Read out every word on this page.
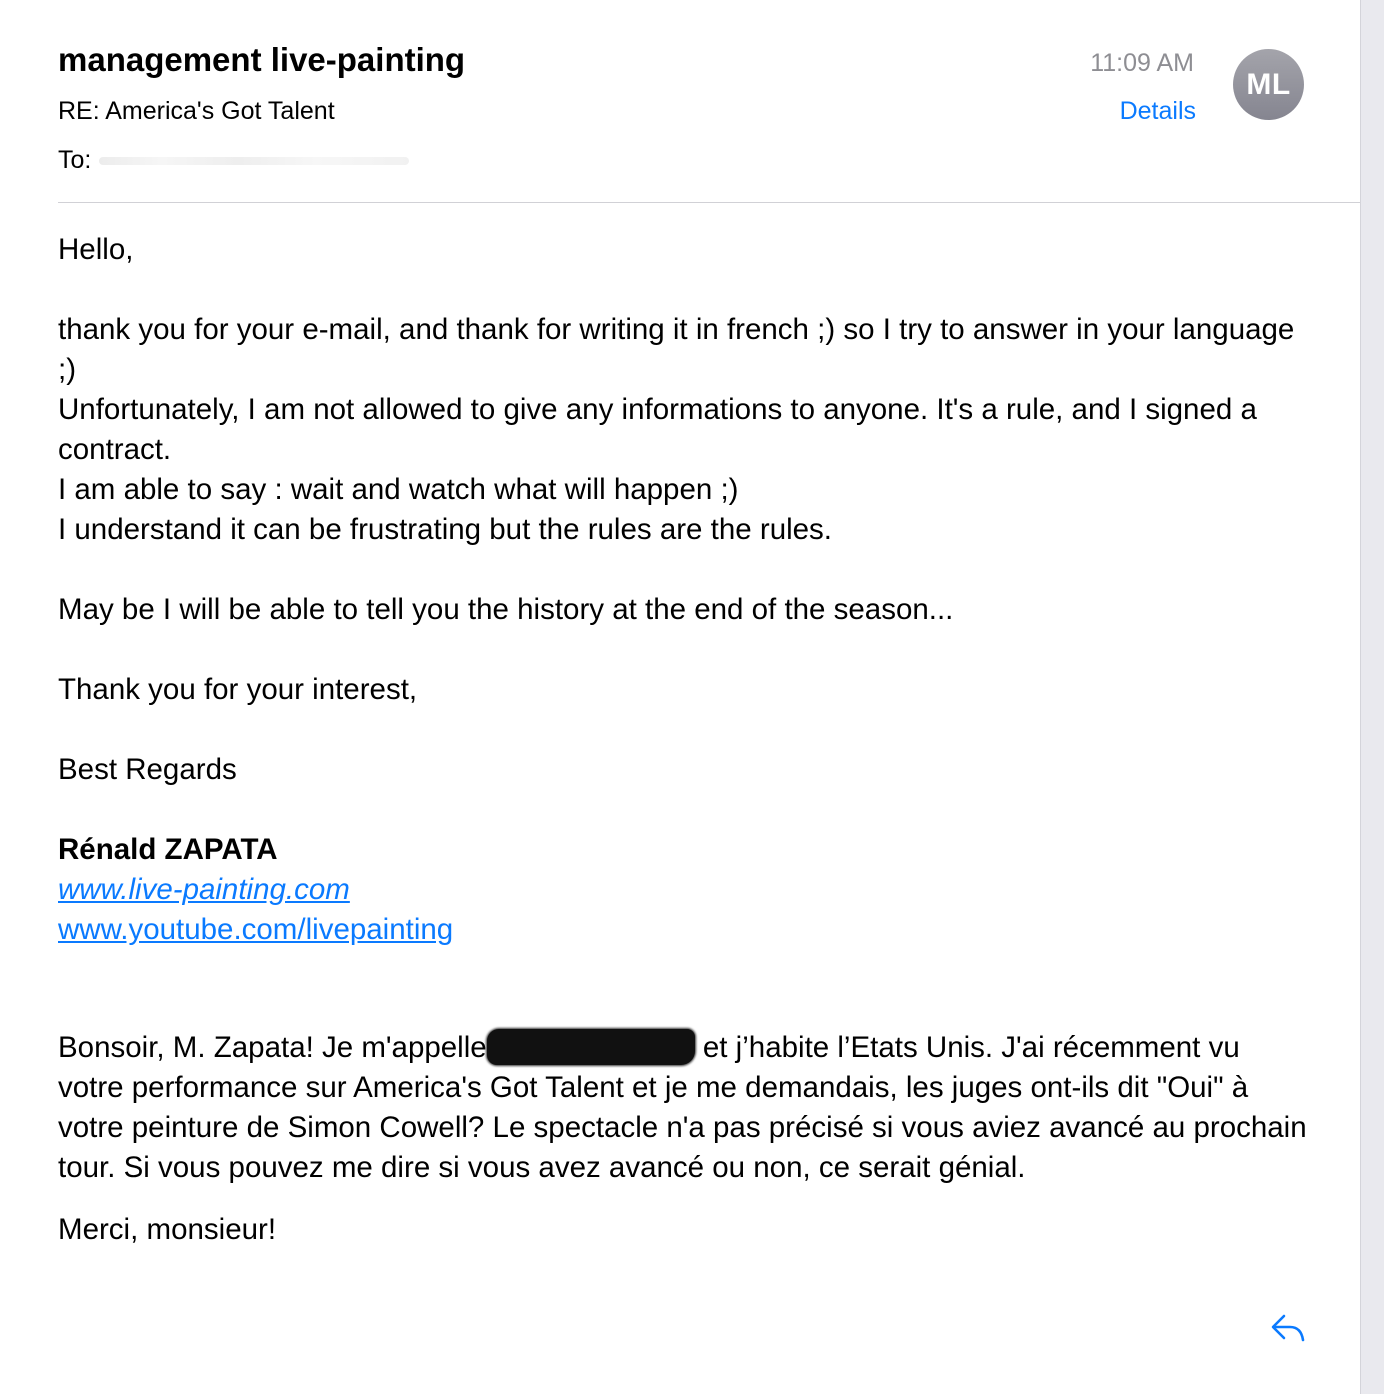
management live-painting
RE: America's Got Talent
To:
11:09 AM
Details
ML

Hello,

thank you for your e-mail, and thank for writing it in french ;) so I try to answer in your language ;)

Unfortunately, I am not allowed to give any informations to anyone. It's a rule, and I signed a contract.

I am able to say : wait and watch what will happen ;)

I understand it can be frustrating but the rules are the rules.

May be I will be able to tell you the history at the end of the season...

Thank you for your interest,

Best Regards

Rénald ZAPATA

www.live-painting.com

www.youtube.com/livepainting

Bonsoir, M. Zapata! Je m'appelle	et j’habite l’Etats Unis. J'ai récemment vu votre performance sur America's Got Talent et je me demandais, les juges ont-ils dit "Oui" à votre peinture de Simon Cowell? Le spectacle n'a pas précisé si vous aviez avancé au prochain tour. Si vous pouvez me dire si vous avez avancé ou non, ce serait génial.

Merci, monsieur!
